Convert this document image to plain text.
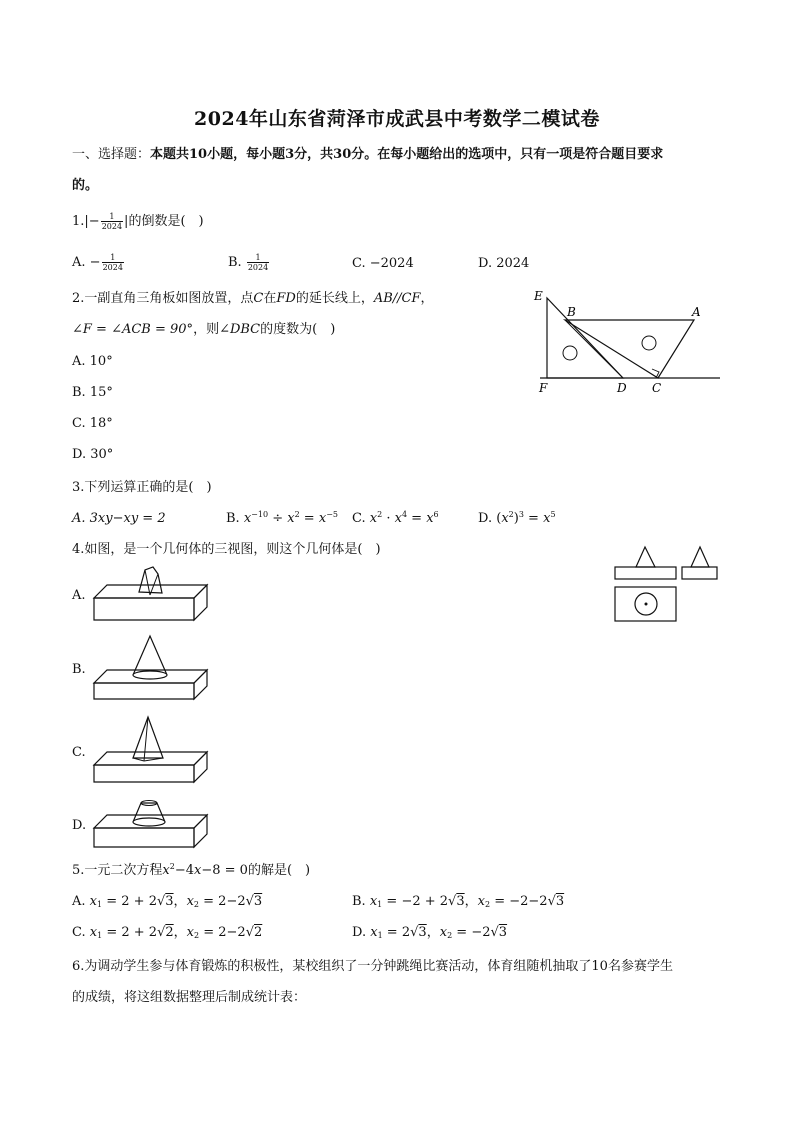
2024年山东省菏泽市成武县中考数学二模试卷
一、选择题：本题共10小题，每小题3分，共30分。在每小题给出的选项中，只有一项是符合题目要求
的。
$1.|- \frac{1}{2024}$ |的倒数是(　)
A. − $\frac{1}{2024}$	B. $\frac{1}{2024}$	C. −2024	D. 2024
2.一副直角三角板如图放置，点C在FD的延长线上，AB//CF，
∠F = ∠ACB = 90°，则∠DBC的度数为(　)
A. 10°
B. 15°
C. 18°
D. 30°
E
B	A
F	D C
3.下列运算正确的是(　)
A. 3xy−xy = 2	B. $x^{-10} \div x^2 = x^{-5}$ C. $x^2 \cdot x^4 = x^6$	D. $(x^2)^3 = x^5$
4.如图，是一个几何体的三视图，则这个几何体是(　)
A.
B.
C.
D.
5.一元二次方程$x^2-4x-8 = 0$的解是(　)
A. $x_1 = 2 + 2√3$，$x_2 = 2-2√3$	B. $x_1 = -2 + 2√3$，$x_2 = -2-2√3$
C. $x_1 = 2 + 2√2$，$x_2 = 2-2√2$	D. $x_1 = 2√3$，$x_2 = -2√3$
6.为调动学生参与体育锻炼的积极性，某校组织了一分钟跳绳比赛活动，体育组随机抽取了10名参赛学生
的成绩，将这组数据整理后制成统计表：
